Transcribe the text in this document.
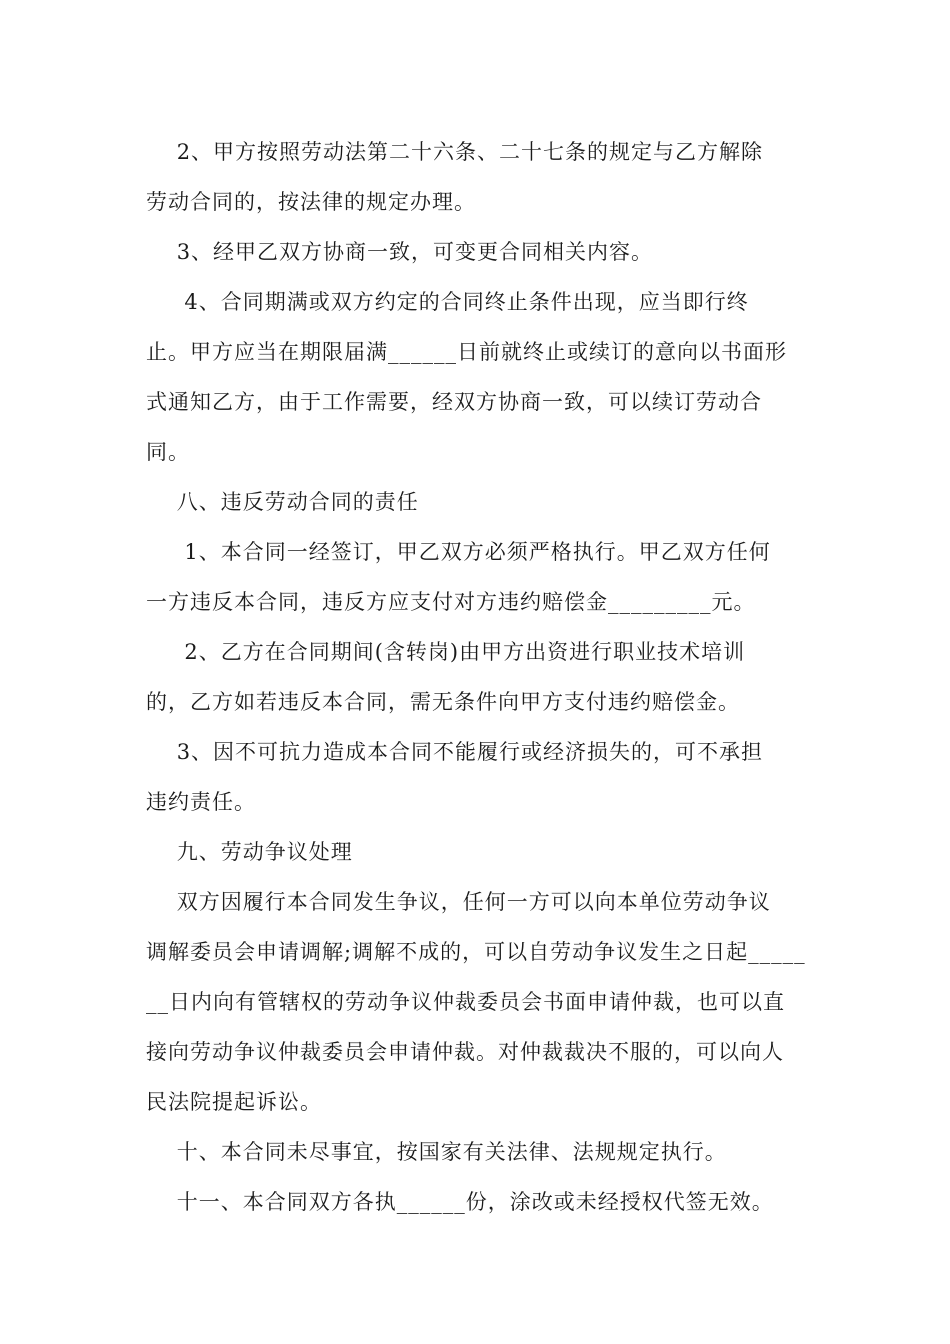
2、甲方按照劳动法第二十六条、二十七条的规定与乙方解除
劳动合同的，按法律的规定办理。
3、经甲乙双方协商一致，可变更合同相关内容。
4、合同期满或双方约定的合同终止条件出现，应当即行终
止。甲方应当在期限届满______日前就终止或续订的意向以书面形
式通知乙方，由于工作需要，经双方协商一致，可以续订劳动合
同。
八、违反劳动合同的责任
1、本合同一经签订，甲乙双方必须严格执行。甲乙双方任何
一方违反本合同，违反方应支付对方违约赔偿金_________元。
2、乙方在合同期间(含转岗)由甲方出资进行职业技术培训
的，乙方如若违反本合同，需无条件向甲方支付违约赔偿金。
3、因不可抗力造成本合同不能履行或经济损失的，可不承担
违约责任。
九、劳动争议处理
双方因履行本合同发生争议，任何一方可以向本单位劳动争议
调解委员会申请调解;调解不成的，可以自劳动争议发生之日起_____
__日内向有管辖权的劳动争议仲裁委员会书面申请仲裁，也可以直
接向劳动争议仲裁委员会申请仲裁。对仲裁裁决不服的，可以向人
民法院提起诉讼。
十、本合同未尽事宜，按国家有关法律、法规规定执行。
十一、本合同双方各执______份，涂改或未经授权代签无效。
